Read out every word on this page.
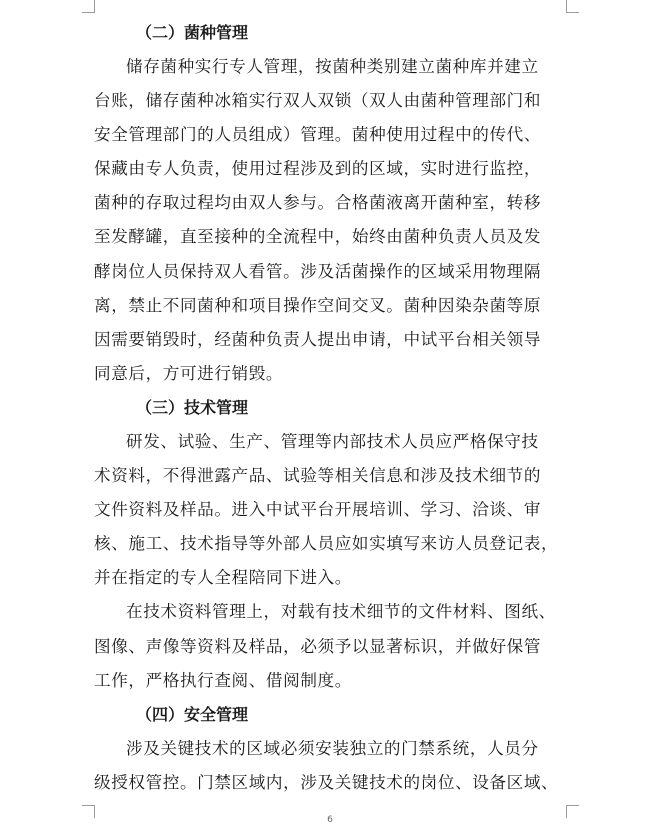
（二）菌种管理

储存菌种实行专人管理，按菌种类别建立菌种库并建立
台账，储存菌种冰箱实行双人双锁（双人由菌种管理部门和
安全管理部门的人员组成）管理。菌种使用过程中的传代、
保藏由专人负责，使用过程涉及到的区域，实时进行监控，
菌种的存取过程均由双人参与。合格菌液离开菌种室，转移
至发酵罐，直至接种的全流程中，始终由菌种负责人员及发
酵岗位人员保持双人看管。涉及活菌操作的区域采用物理隔
离，禁止不同菌种和项目操作空间交叉。菌种因染杂菌等原
因需要销毁时，经菌种负责人提出申请，中试平台相关领导
同意后，方可进行销毁。

（三）技术管理

研发、试验、生产、管理等内部技术人员应严格保守技
术资料，不得泄露产品、试验等相关信息和涉及技术细节的
文件资料及样品。进入中试平台开展培训、学习、洽谈、审
核、施工、技术指导等外部人员应如实填写来访人员登记表，
并在指定的专人全程陪同下进入。

在技术资料管理上，对载有技术细节的文件材料、图纸、
图像、声像等资料及样品，必须予以显著标识，并做好保管
工作，严格执行查阅、借阅制度。

（四）安全管理

涉及关键技术的区域必须安装独立的门禁系统，人员分
级授权管控。门禁区域内，涉及关键技术的岗位、设备区域、

6
